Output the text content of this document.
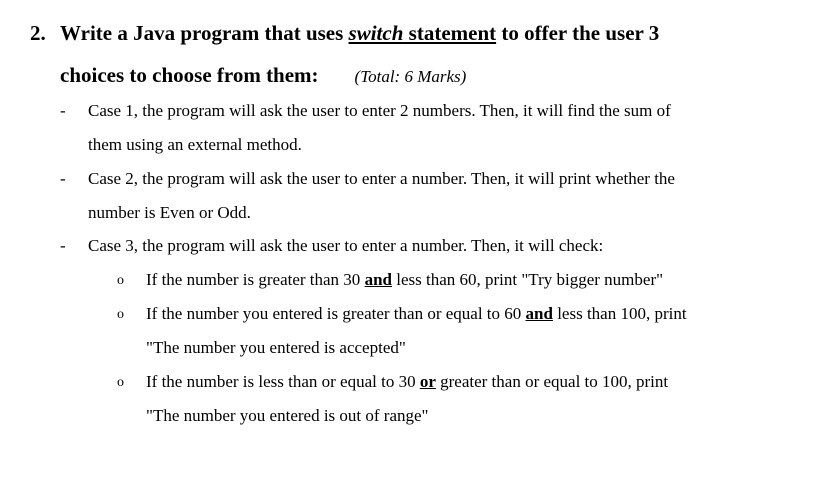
2. Write a Java program that uses switch statement to offer the user 3
choices to choose from them: (Total: 6 Marks)
- Case 1, the program will ask the user to enter 2 numbers. Then, it will find the sum of
them using an external method.
- Case 2, the program will ask the user to enter a number. Then, it will print whether the
number is Even or Odd.
- Case 3, the program will ask the user to enter a number. Then, it will check:
o If the number is greater than 30 and less than 60, print "Try bigger number"
o If the number you entered is greater than or equal to 60 and less than 100, print
"The number you entered is accepted"
o If the number is less than or equal to 30 or greater than or equal to 100, print
"The number you entered is out of range"
